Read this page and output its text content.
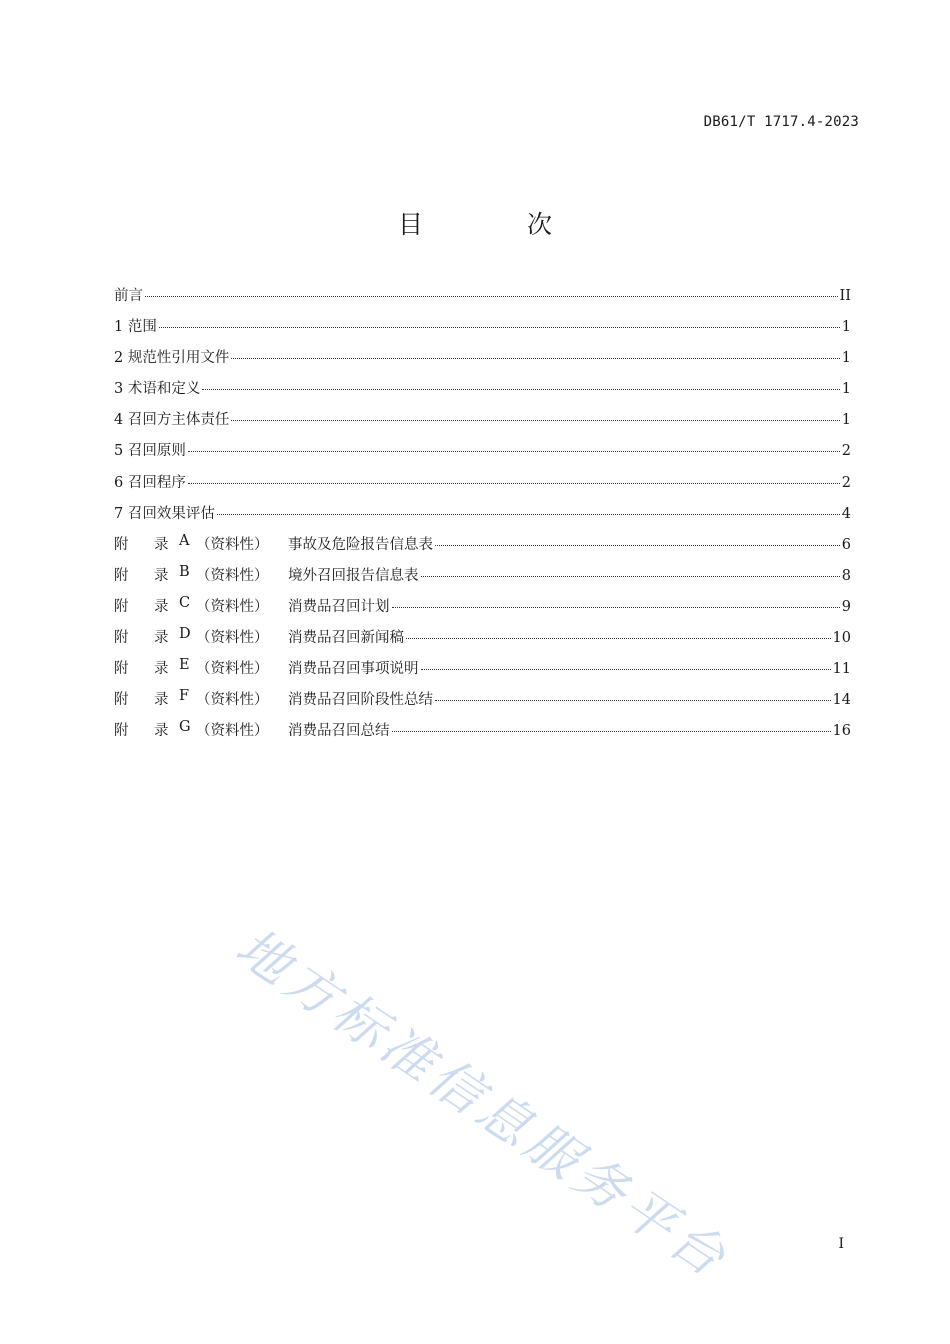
DB61/T 1717.4-2023
目 次
前言	II
1 范围	1
2 规范性引用文件	1
3 术语和定义	1
4 召回方主体责任	1
5 召回原则	2
6 召回程序	2
7 召回效果评估	4
附	录 A （资料性）	事故及危险报告信息表	6
附	录 B （资料性）	境外召回报告信息表	8
附	录 C （资料性）	消费品召回计划	9
附	录 D （资料性）	消费品召回新闻稿	10
附	录 E （资料性）	消费品召回事项说明	11
附	录 F （资料性）	消费品召回阶段性总结	14
附	录 G （资料性）	消费品召回总结	16
地方标准信息服务平台	I
